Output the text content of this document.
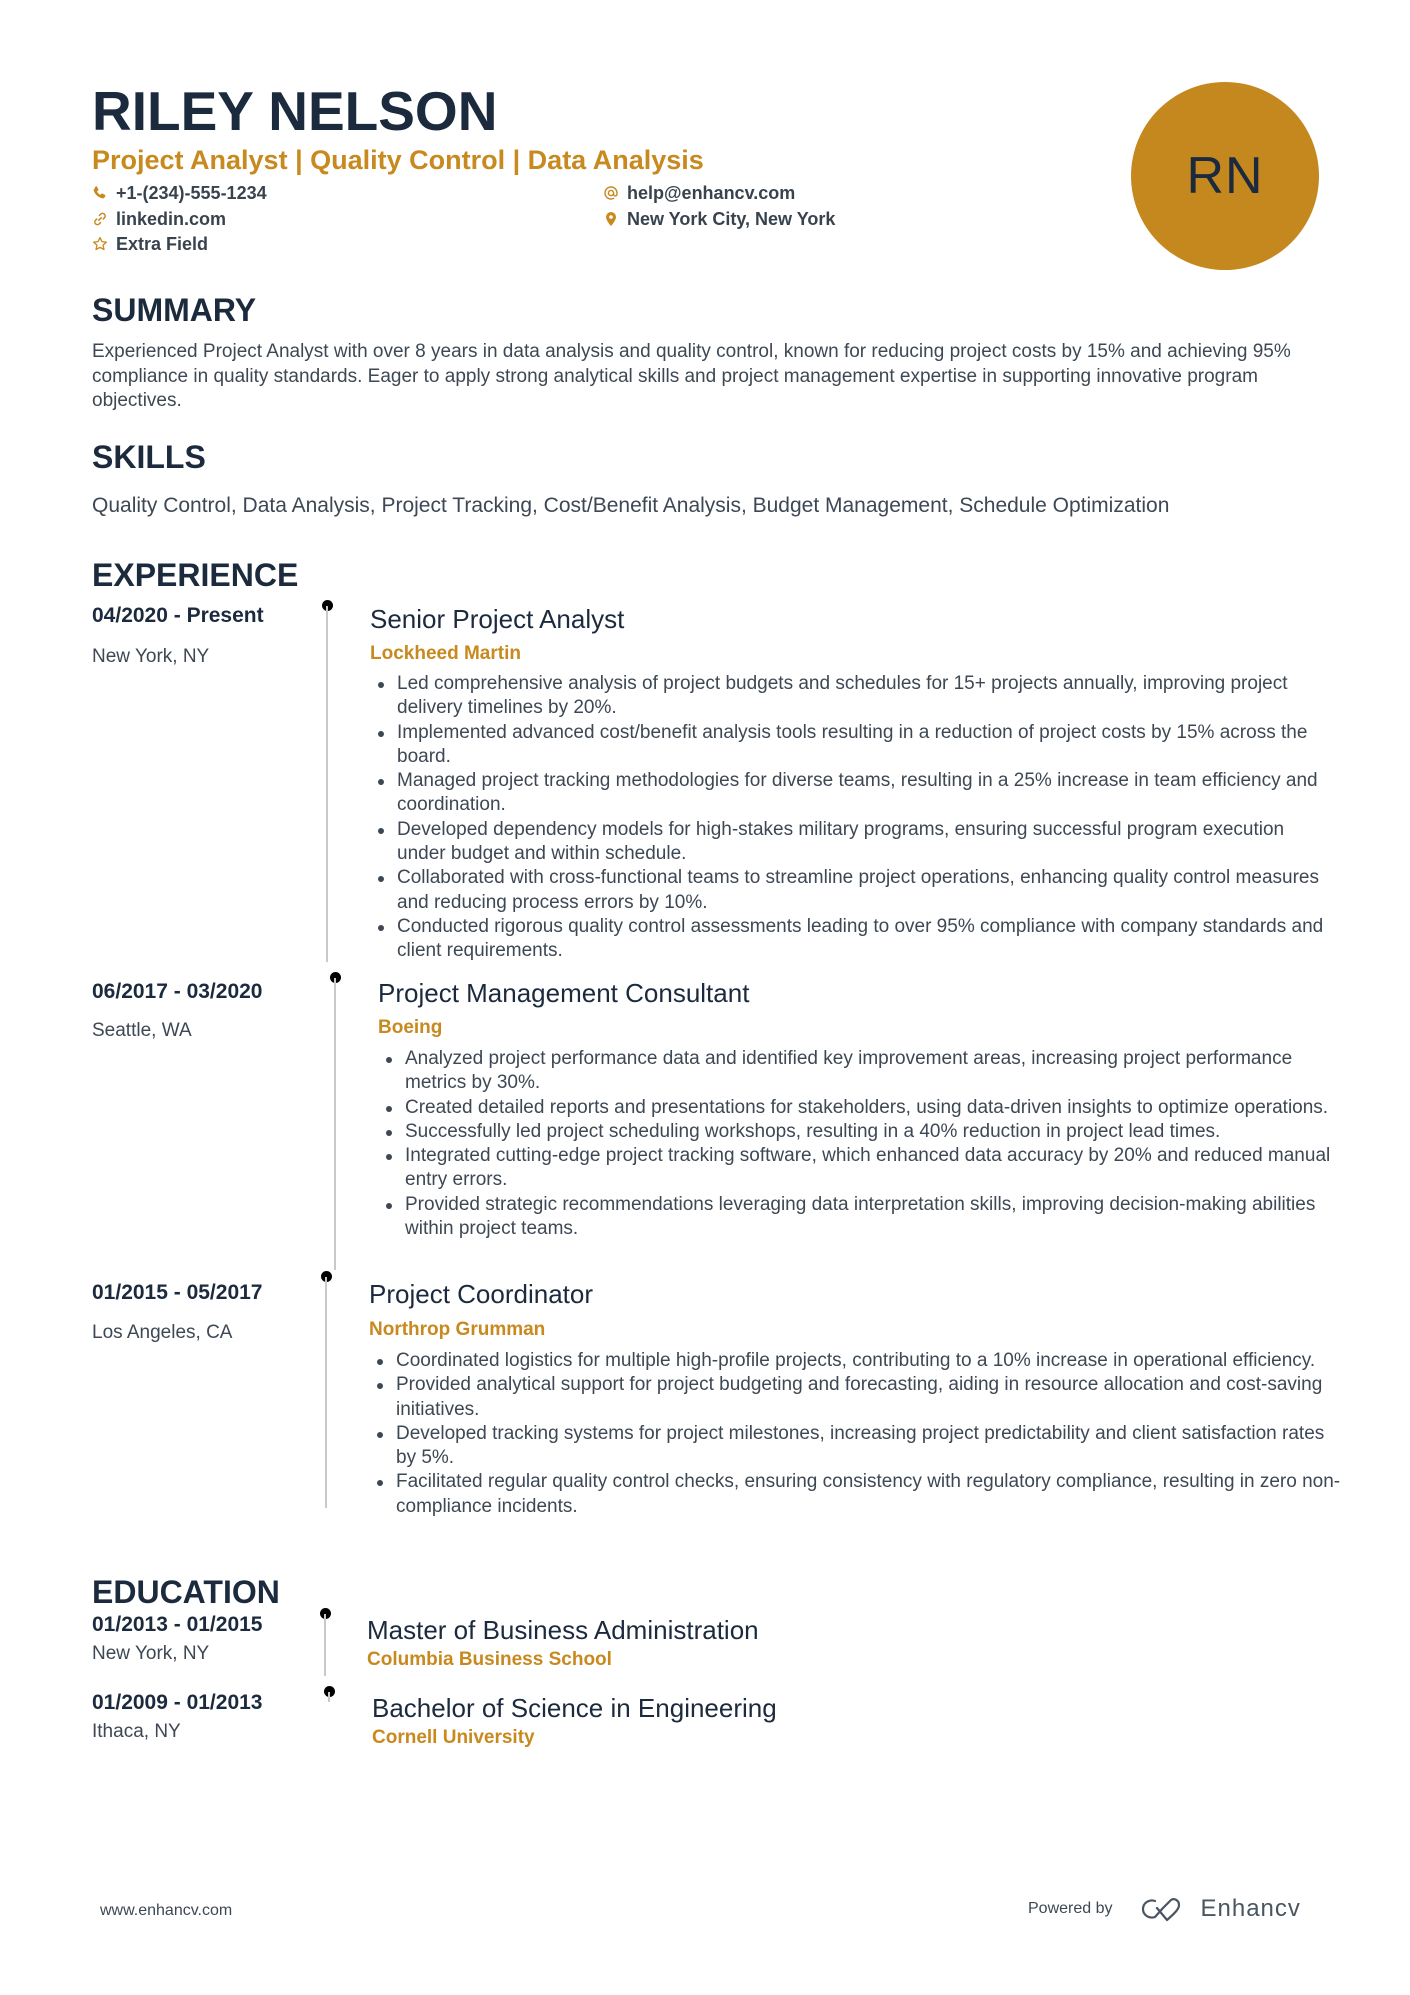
RILEY NELSON
Project Analyst | Quality Control | Data Analysis
+1-(234)-555-1234
linkedin.com
Extra Field
help@enhancv.com
New York City, New York
RN
SUMMARY
Experienced Project Analyst with over 8 years in data analysis and quality control, known for reducing project costs by 15% and achieving 95% compliance in quality standards. Eager to apply strong analytical skills and project management expertise in supporting innovative program objectives.
SKILLS
Quality Control, Data Analysis, Project Tracking, Cost/Benefit Analysis, Budget Management, Schedule Optimization
EXPERIENCE
04/2020 - Present
New York, NY
Senior Project Analyst
Lockheed Martin
Led comprehensive analysis of project budgets and schedules for 15+ projects annually, improving project delivery timelines by 20%.
Implemented advanced cost/benefit analysis tools resulting in a reduction of project costs by 15% across the board.
Managed project tracking methodologies for diverse teams, resulting in a 25% increase in team efficiency and coordination.
Developed dependency models for high-stakes military programs, ensuring successful program execution under budget and within schedule.
Collaborated with cross-functional teams to streamline project operations, enhancing quality control measures and reducing process errors by 10%.
Conducted rigorous quality control assessments leading to over 95% compliance with company standards and client requirements.
06/2017 - 03/2020
Seattle, WA
Project Management Consultant
Boeing
Analyzed project performance data and identified key improvement areas, increasing project performance metrics by 30%.
Created detailed reports and presentations for stakeholders, using data-driven insights to optimize operations.
Successfully led project scheduling workshops, resulting in a 40% reduction in project lead times.
Integrated cutting-edge project tracking software, which enhanced data accuracy by 20% and reduced manual entry errors.
Provided strategic recommendations leveraging data interpretation skills, improving decision-making abilities within project teams.
01/2015 - 05/2017
Los Angeles, CA
Project Coordinator
Northrop Grumman
Coordinated logistics for multiple high-profile projects, contributing to a 10% increase in operational efficiency.
Provided analytical support for project budgeting and forecasting, aiding in resource allocation and cost-saving initiatives.
Developed tracking systems for project milestones, increasing project predictability and client satisfaction rates by 5%.
Facilitated regular quality control checks, ensuring consistency with regulatory compliance, resulting in zero non-compliance incidents.
EDUCATION
01/2013 - 01/2015
New York, NY
Master of Business Administration
Columbia Business School
01/2009 - 01/2013
Ithaca, NY
Bachelor of Science in Engineering
Cornell University
www.enhancv.com	Powered by	Enhancv
